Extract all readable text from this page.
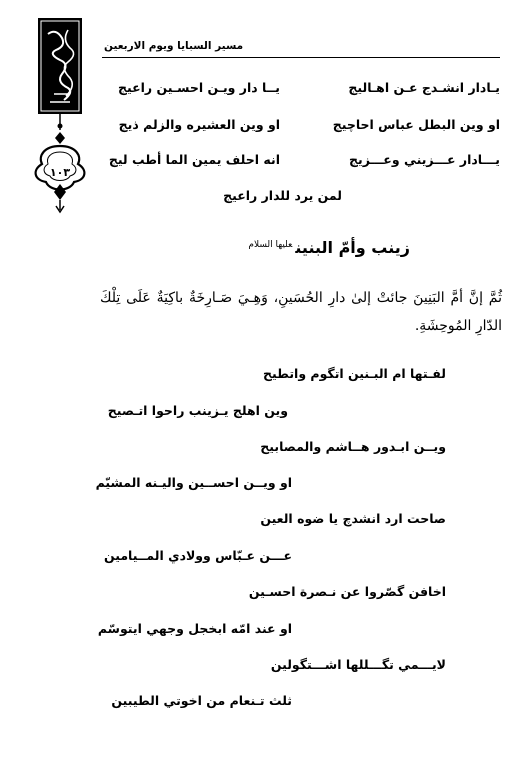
١٠٣
مسير السبايا ويوم الاربعين
يـادار انشـدج عـن اهـاليج
يــا دار ويـن احسـين راعيج
او وين البطل عباس احاچيج
او وين العشيره والزلم ذيج
يـــادار عـــزيني وعـــزيج
انه احلف يمين الما أطب ليج
لمن يرد للدار راعيج
زينب وأمّ البنين$^{عليها السلام}$
ثُمَّ إنَّ أمَّ البَنِينَ جائتْ إلىٰ دارِ الحُسَينِ، وَهِـيَ صَـارِخَةٌ باكِيَةٌ عَلَى تِلْكَ الدّارِ المُوحِشَةِ.
لفـتها ام البـنين اتگوم واتطيح
وين اهلج يـزينب راحوا اتـصيح
ويــن ابـدور هــاشم والمصابيح
او ويــن احســين واليـنه المشيّم
صاحت ارد انشدچ يا ضوه العين
عـــن عـبّاس وولادي المــيامين
اخافن گصّروا عن نـصرة احسـين
او عند امّه ابخجل وجهي ايتوسّم
لايـــمي تگـــللها اشـــتگولين
ثلث تـنعام من اخوتي الطيبين
